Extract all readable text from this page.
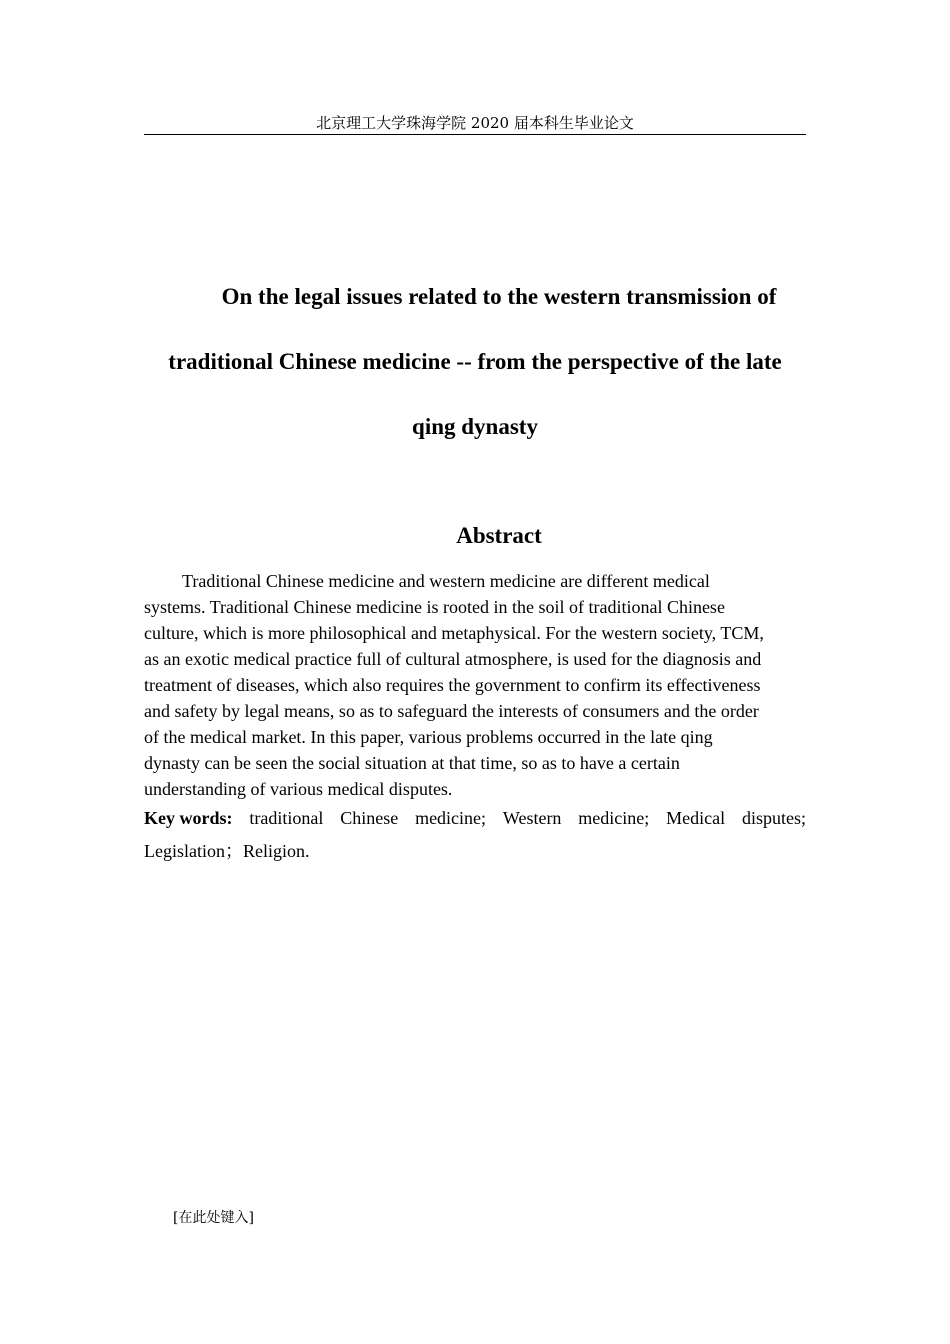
北京理工大学珠海学院 2020 届本科生毕业论文
On the legal issues related to the western transmission of
traditional Chinese medicine -- from the perspective of the late
qing dynasty
Abstract
Traditional Chinese medicine and western medicine are different medical
systems. Traditional Chinese medicine is rooted in the soil of traditional Chinese
culture, which is more philosophical and metaphysical. For the western society, TCM,
as an exotic medical practice full of cultural atmosphere, is used for the diagnosis and
treatment of diseases, which also requires the government to confirm its effectiveness
and safety by legal means, so as to safeguard the interests of consumers and the order
of the medical market. In this paper, various problems occurred in the late qing
dynasty can be seen the social situation at that time, so as to have a certain
understanding of various medical disputes.
Key words: traditional Chinese medicine; Western medicine; Medical disputes;
Legislation；Religion.
[在此处键入]
